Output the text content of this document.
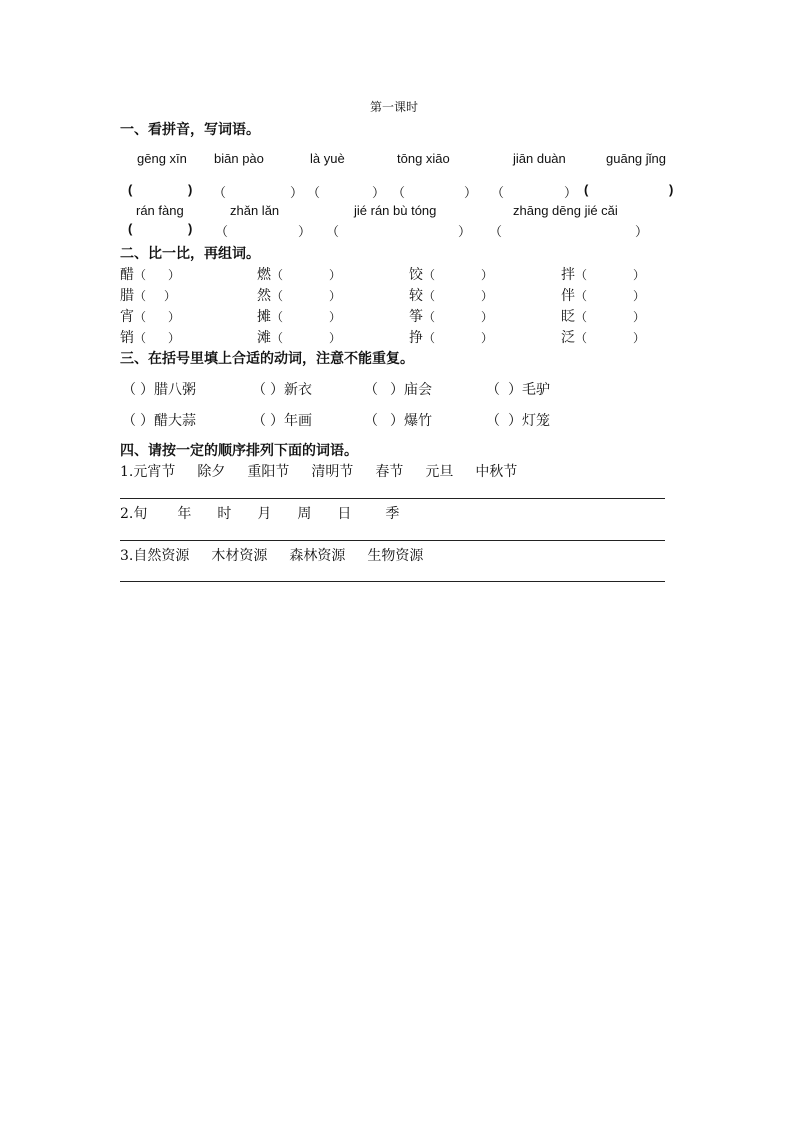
第一课时
一、看拼音，写词语。
gēng xīn biān pào	là yuè	tōng xiāo	jiān duàn	guāng jǐng
(	) （	） （	） （	） （	） (	)
rán fàng	zhǎn lǎn	jié rán bù tóng	zhāng dēng jié cǎi
(	) （	） （	） （	）
二、比一比，再组词。
醋（ ）	燃（	）	饺（	）	拌（	）
腊（ ）	然（	）	较（	）	伴（	）
宵（ ）	摊（	）	筝（	）	眨（	）
销（ ）	滩（	）	挣（	）	泛（	）
三、在括号里填上合适的动词，注意不能重复。
（ ）腊八粥	（ ）新衣	（ ）庙会	（ ）毛驴
（ ）醋大蒜	（ ）年画	（ ）爆竹	（ ）灯笼
四、请按一定的顺序排列下面的词语。
1.元宵节 除夕 重阳节 清明节 春节 元旦 中秋节
2.旬 年 时 月 周 日 季
3.自然资源 木材资源 森林资源 生物资源
